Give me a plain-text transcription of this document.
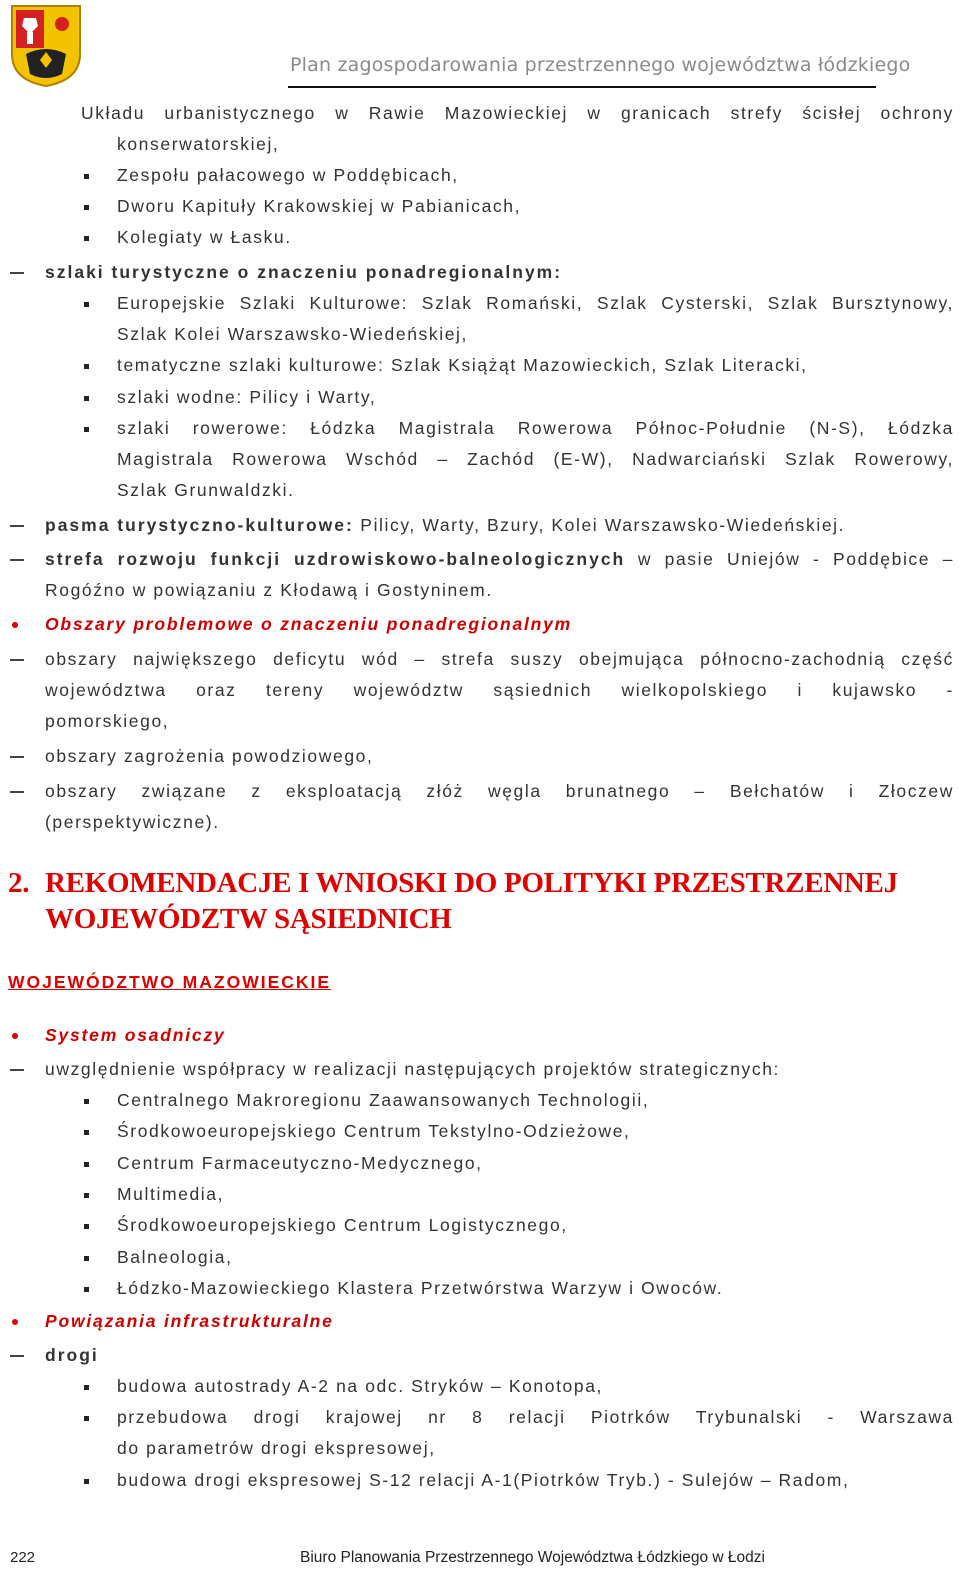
Plan zagospodarowania przestrzennego województwa łódzkiego
Układu urbanistycznego w Rawie Mazowieckiej w granicach strefy ścisłej ochrony
konserwatorskiej,
Zespołu pałacowego w Poddębicach,
Dworu Kapituły Krakowskiej w Pabianicach,
Kolegiaty w Łasku.
szlaki turystyczne o znaczeniu ponadregionalnym:
Europejskie Szlaki Kulturowe: Szlak Romański, Szlak Cysterski, Szlak Bursztynowy,
Szlak Kolei Warszawsko-Wiedeńskiej,
tematyczne szlaki kulturowe: Szlak Książąt Mazowieckich, Szlak Literacki,
szlaki wodne: Pilicy i Warty,
szlaki rowerowe: Łódzka Magistrala Rowerowa Północ-Południe (N-S), Łódzka
Magistrala Rowerowa Wschód – Zachód (E-W), Nadwarciański Szlak Rowerowy,
Szlak Grunwaldzki.
pasma turystyczno-kulturowe: Pilicy, Warty, Bzury, Kolei Warszawsko-Wiedeńskiej.
strefa rozwoju funkcji uzdrowiskowo-balneologicznych w pasie Uniejów - Poddębice –
Rogóźno w powiązaniu z Kłodawą i Gostyninem.
Obszary problemowe o znaczeniu ponadregionalnym
obszary największego deficytu wód – strefa suszy obejmująca północno-zachodnią część
województwa oraz tereny województw sąsiednich wielkopolskiego i kujawsko -
pomorskiego,
obszary zagrożenia powodziowego,
obszary związane z eksploatacją złóż węgla brunatnego – Bełchatów i Złoczew
(perspektywiczne).
2. REKOMENDACJE I WNIOSKI DO POLITYKI PRZESTRZENNEJ
WOJEWÓDZTW SĄSIEDNICH
WOJEWÓDZTWO MAZOWIECKIE
System osadniczy
uwzględnienie współpracy w realizacji następujących projektów strategicznych:
Centralnego Makroregionu Zaawansowanych Technologii,
Środkowoeuropejskiego Centrum Tekstylno-Odzieżowe,
Centrum Farmaceutyczno-Medycznego,
Multimedia,
Środkowoeuropejskiego Centrum Logistycznego,
Balneologia,
Łódzko-Mazowieckiego Klastera Przetwórstwa Warzyw i Owoców.
Powiązania infrastrukturalne
drogi
budowa autostrady A-2 na odc. Stryków – Konotopa,
przebudowa drogi krajowej nr 8 relacji Piotrków Trybunalski - Warszawa
do parametrów drogi ekspresowej,
budowa drogi ekspresowej S-12 relacji A-1(Piotrków Tryb.) - Sulejów – Radom,
222	Biuro Planowania Przestrzennego Województwa Łódzkiego w Łodzi
